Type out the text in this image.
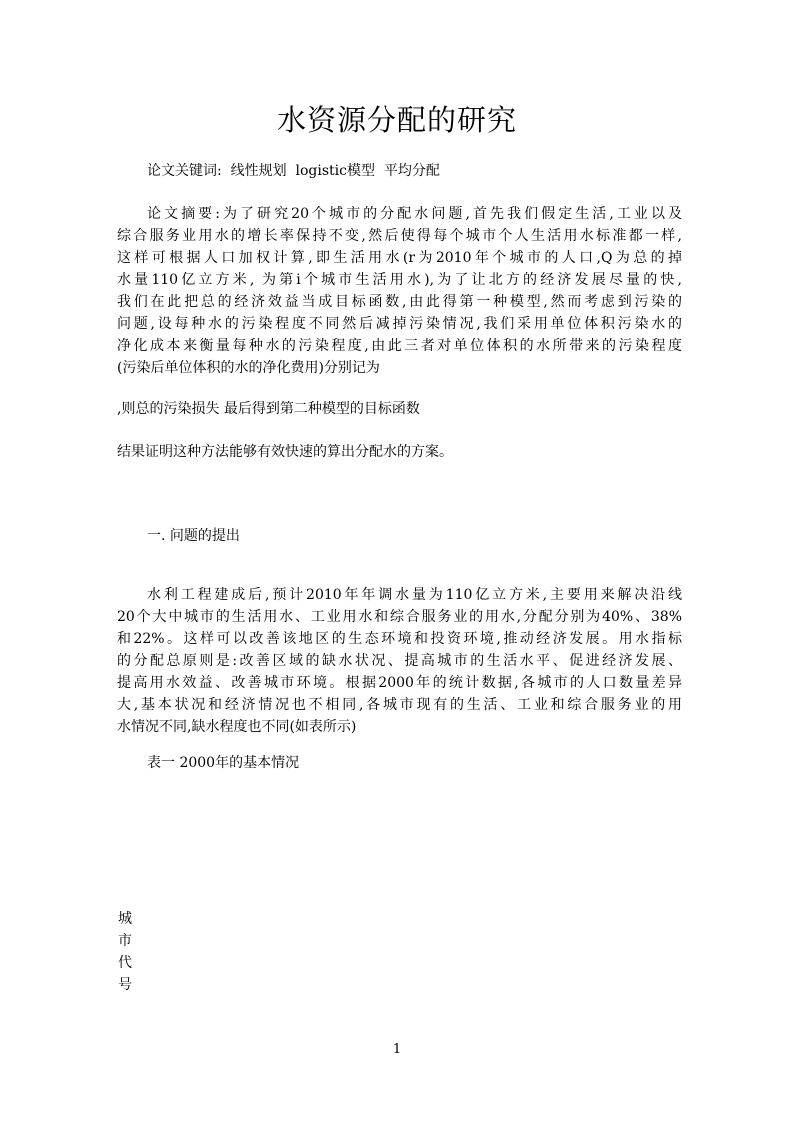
水资源分配的研究
论文关键词:  线性规划  logistic模型  平均分配
论文摘要:为了研究20个城市的分配水问题,首先我们假定生活,工业以及
综合服务业用水的增长率保持不变,然后使得每个城市个人生活用水标准都一样,
这样可根据人口加权计算,即生活用水(r为2010年个城市的人口,Q为总的掉
水量110亿立方米, 为第i个城市生活用水),为了让北方的经济发展尽量的快,
我们在此把总的经济效益当成目标函数,由此得第一种模型,然而考虑到污染的
问题,设每种水的污染程度不同然后减掉污染情况,我们采用单位体积污染水的
净化成本来衡量每种水的污染程度,由此三者对单位体积的水所带来的污染程度
(污染后单位体积的水的净化费用)分别记为
,则总的污染损失 最后得到第二种模型的目标函数
结果证明这种方法能够有效快速的算出分配水的方案。
一. 问题的提出
水利工程建成后,预计2010年年调水量为110亿立方米,主要用来解决沿线
20个大中城市的生活用水、工业用水和综合服务业的用水,分配分别为40%、38%
和22%。这样可以改善该地区的生态环境和投资环境,推动经济发展。用水指标
的分配总原则是:改善区域的缺水状况、提高城市的生活水平、促进经济发展、
提高用水效益、改善城市环境。根据2000年的统计数据,各城市的人口数量差异
大,基本状况和经济情况也不相同,各城市现有的生活、工业和综合服务业的用
水情况不同,缺水程度也不同(如表所示)
表一 2000年的基本情况
城
市
代
号
1
